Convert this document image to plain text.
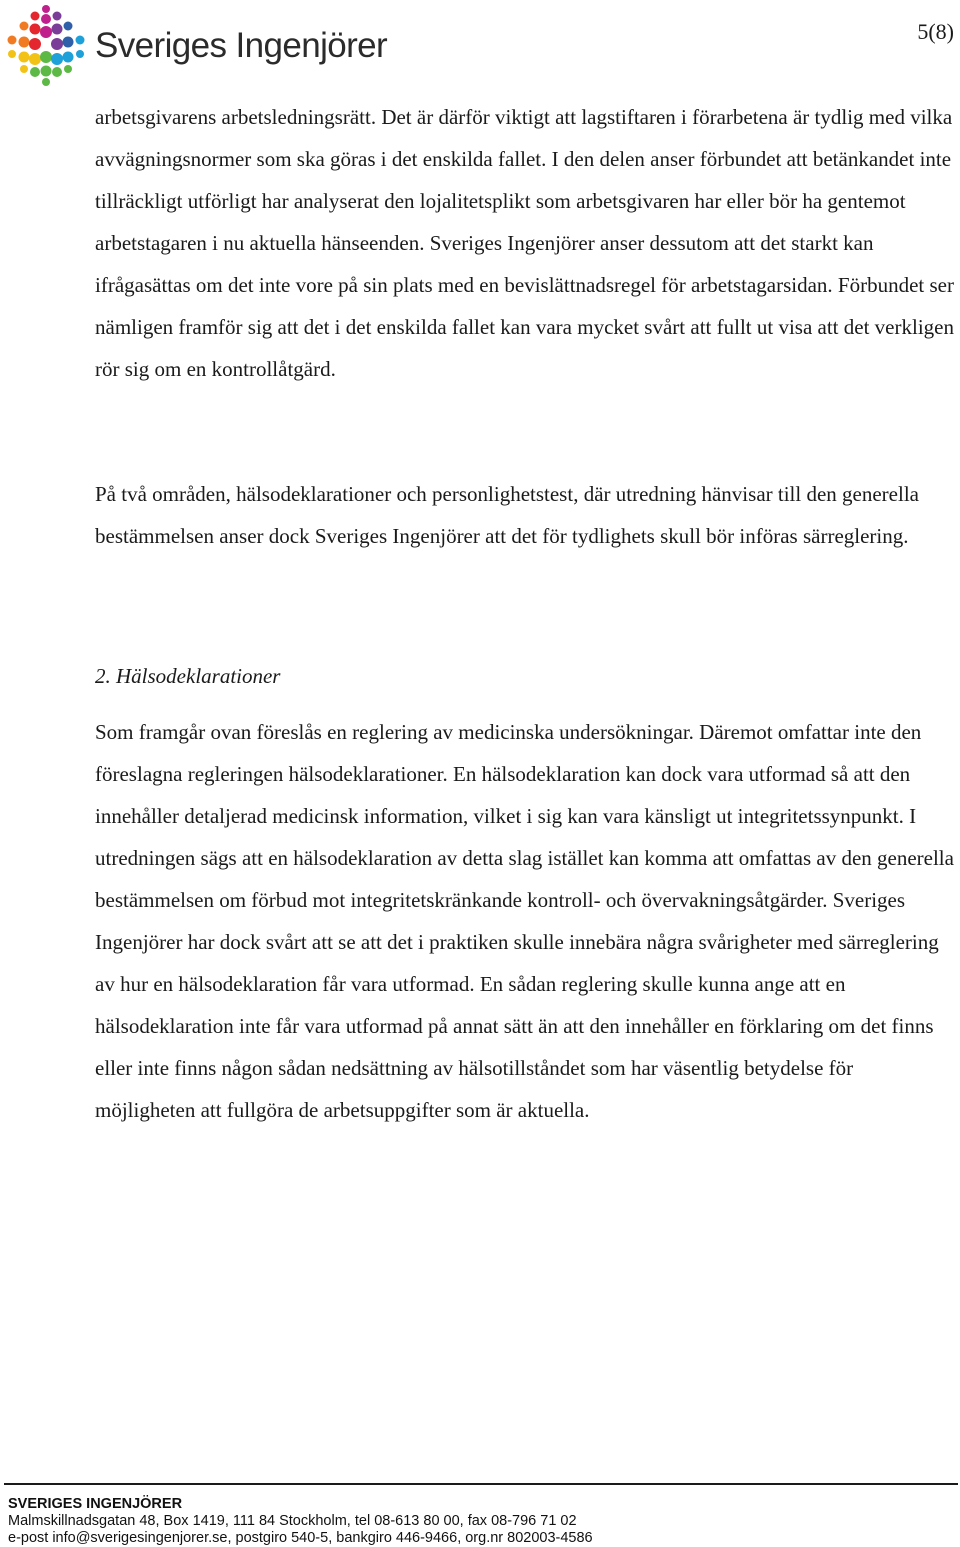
Sveriges Ingenjörer	5(8)

arbetsgivarens arbetsledningsrätt. Det är därför viktigt att lagstiftaren i förarbetena är tydlig med vilka avvägningsnormer som ska göras i det enskilda fallet. I den delen anser förbundet att betänkandet inte tillräckligt utförligt har analyserat den lojalitetsplikt som arbetsgivaren har eller bör ha gentemot arbetstagaren i nu aktuella hänseenden. Sveriges Ingenjörer anser dessutom att det starkt kan ifrågasättas om det inte vore på sin plats med en bevislättnadsregel för arbetstagarsidan. Förbundet ser nämligen framför sig att det i det enskilda fallet kan vara mycket svårt att fullt ut visa att det verkligen rör sig om en kontrollåtgärd.

På två områden, hälsodeklarationer och personlighetstest, där utredning hänvisar till den generella bestämmelsen anser dock Sveriges Ingenjörer att det för tydlighets skull bör införas särreglering.

2. Hälsodeklarationer

Som framgår ovan föreslås en reglering av medicinska undersökningar. Däremot omfattar inte den föreslagna regleringen hälsodeklarationer. En hälsodeklaration kan dock vara utformad så att den innehåller detaljerad medicinsk information, vilket i sig kan vara känsligt ut integritetssynpunkt. I utredningen sägs att en hälsodeklaration av detta slag istället kan komma att omfattas av den generella bestämmelsen om förbud mot integritetskränkande kontroll- och övervakningsåtgärder. Sveriges Ingenjörer har dock svårt att se att det i praktiken skulle innebära några svårigheter med särreglering av hur en hälsodeklaration får vara utformad. En sådan reglering skulle kunna ange att en hälsodeklaration inte får vara utformad på annat sätt än att den innehåller en förklaring om det finns eller inte finns någon sådan nedsättning av hälsotillståndet som har väsentlig betydelse för möjligheten att fullgöra de arbetsuppgifter som är aktuella.

SVERIGES INGENJÖRER
Malmskillnadsgatan 48, Box 1419, 111 84 Stockholm, tel 08-613 80 00, fax 08-796 71 02
e-post info@sverigesingenjorer.se, postgiro 540-5, bankgiro 446-9466, org.nr 802003-4586
